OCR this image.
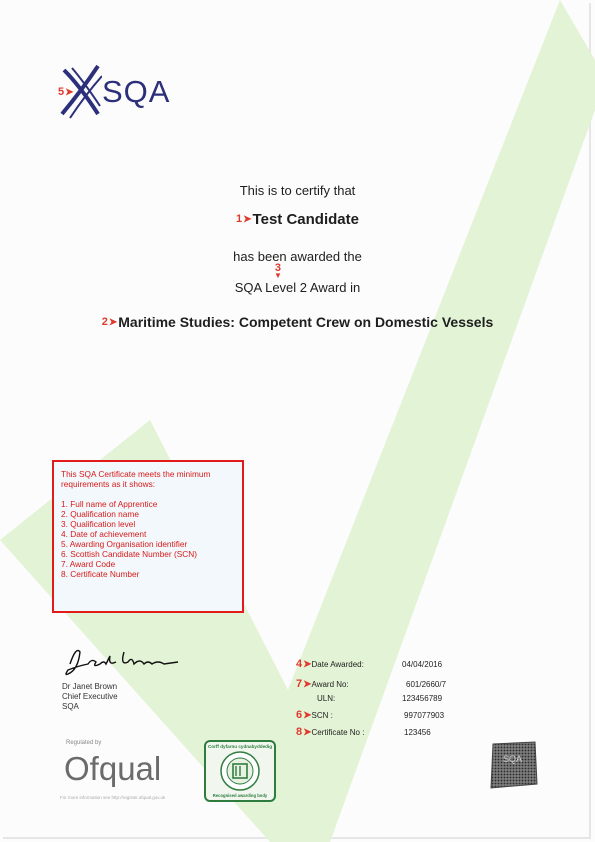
5 ➤ SQA
This is to certify that
1 ➤ Test Candidate
has been awarded the
3
▼
SQA Level 2 Award in
2 ➤ Maritime Studies: Competent Crew on Domestic Vessels
This SQA Certificate meets the minimum requirements as it shows:
1. Full name of Apprentice
2. Qualification name
3. Qualification level
4. Date of achievement
5. Awarding Organisation identifier
6. Scottish Candidate Number (SCN)
7. Award Code
8. Certificate Number
Dr Janet Brown
Chief Executive
SQA
4 ➤ Date Awarded:	04/04/2016
7 ➤ Award No:	601/2660/7
ULN:	123456789
6 ➤ SCN :	997077903
8 ➤ Certificate No :	123456
Regulated by
Ofqual
For more information see http://register.ofqual.gov.uk
Corff dyfarnu cydnabyddedig
Recognised awarding body
SQA
